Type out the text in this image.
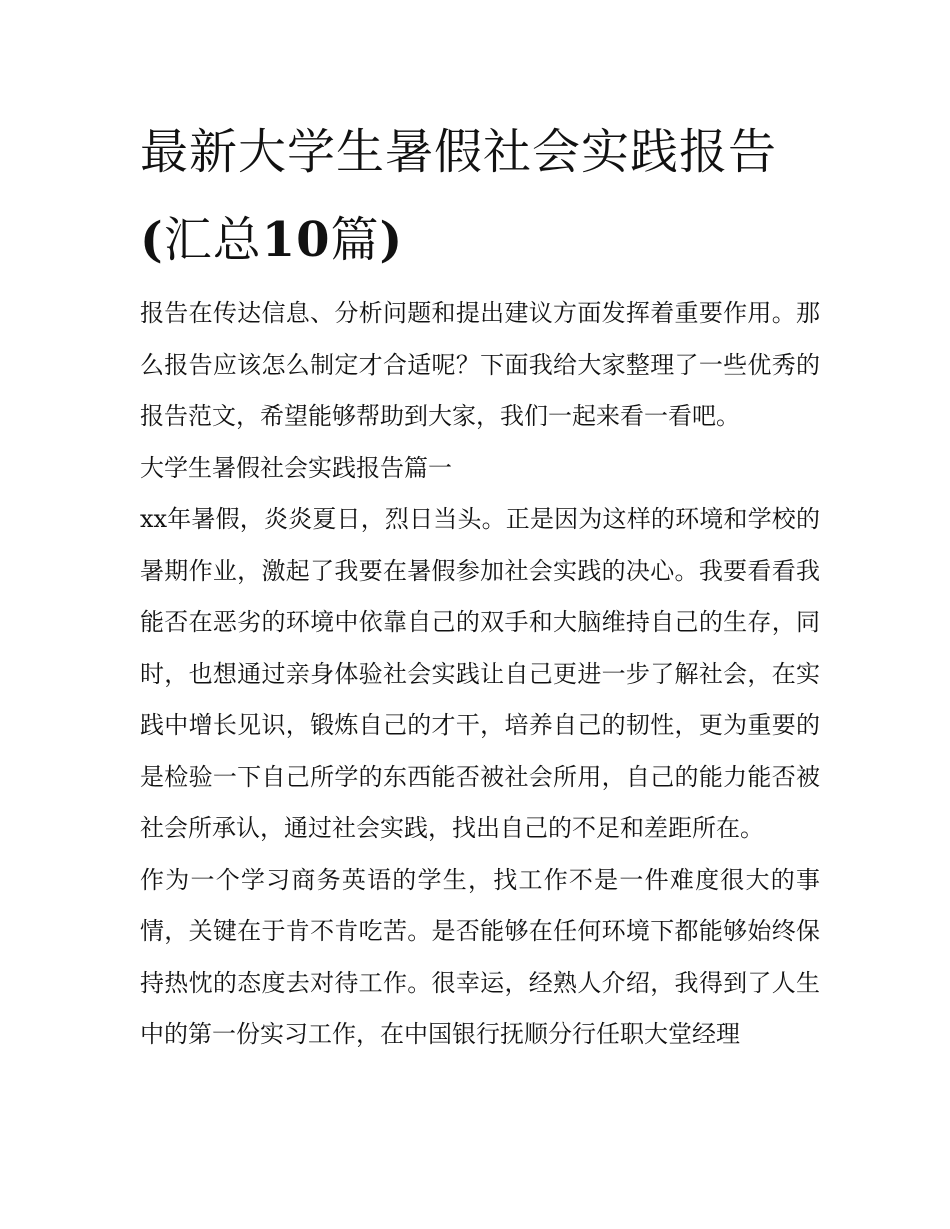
最新大学生暑假社会实践报告
(汇总10篇)

报告在传达信息、分析问题和提出建议方面发挥着重要作用。那么报告应该怎么制定才合适呢？下面我给大家整理了一些优秀的报告范文，希望能够帮助到大家，我们一起来看一看吧。

大学生暑假社会实践报告篇一

xx年暑假，炎炎夏日，烈日当头。正是因为这样的环境和学校的暑期作业，激起了我要在暑假参加社会实践的决心。我要看看我能否在恶劣的环境中依靠自己的双手和大脑维持自己的生存，同时，也想通过亲身体验社会实践让自己更进一步了解社会，在实践中增长见识，锻炼自己的才干，培养自己的韧性，更为重要的是检验一下自己所学的东西能否被社会所用，自己的能力能否被社会所承认，通过社会实践，找出自己的不足和差距所在。

作为一个学习商务英语的学生，找工作不是一件难度很大的事情，关键在于肯不肯吃苦。是否能够在任何环境下都能够始终保持热忱的态度去对待工作。很幸运，经熟人介绍，我得到了人生中的第一份实习工作，在中国银行抚顺分行任职大堂经理
